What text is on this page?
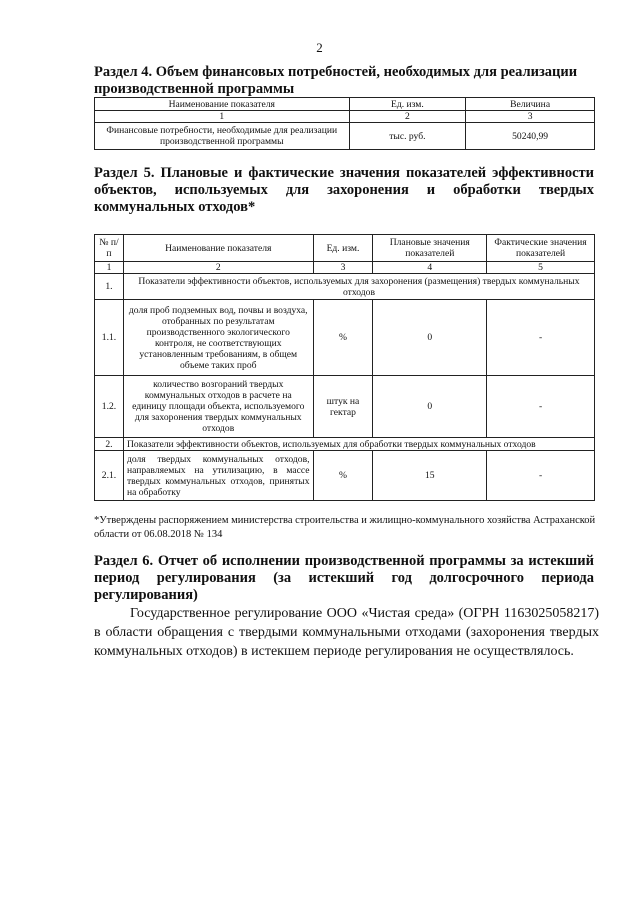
2
Раздел 4. Объем финансовых потребностей, необходимых для реализации производственной программы
Наименование показателя	Ед. изм.	Величина
1	2	3
Финансовые потребности, необходимые для реализации производственной программы	тыс. руб.	50240,99
Раздел 5. Плановые и фактические значения показателей эффективности объектов, используемых для захоронения и обработки твердых коммунальных отходов*
№ п/п	Наименование показателя	Ед. изм.	Плановые значения показателей	Фактические значения показателей
1	2	3	4	5
1.	Показатели эффективности объектов, используемых для захоронения (размещения) твердых коммунальных отходов			
1.1.	доля проб подземных вод, почвы и воздуха, отобранных по результатам производственного экологического контроля, не соответствующих установленным требованиям, в общем объеме таких проб	%	0	-
1.2.	количество возгораний твердых коммунальных отходов в расчете на единицу площади объекта, используемого для захоронения твердых коммунальных отходов	штук на гектар	0	-
2.	Показатели эффективности объектов, используемых для обработки твердых коммунальных отходов			
2.1.	доля твердых коммунальных отходов, направляемых на утилизацию, в массе твердых коммунальных отходов, принятых на обработку	%	15	-
*Утверждены распоряжением министерства строительства и жилищно-коммунального хозяйства Астраханской области от 06.08.2018 № 134
Раздел 6. Отчет об исполнении производственной программы за истекший период регулирования (за истекший год долгосрочного периода регулирования)
Государственное регулирование ООО «Чистая среда» (ОГРН 1163025058217) в области обращения с твердыми коммунальными отходами (захоронения твердых коммунальных отходов) в истекшем периоде регулирования не осуществлялось.
